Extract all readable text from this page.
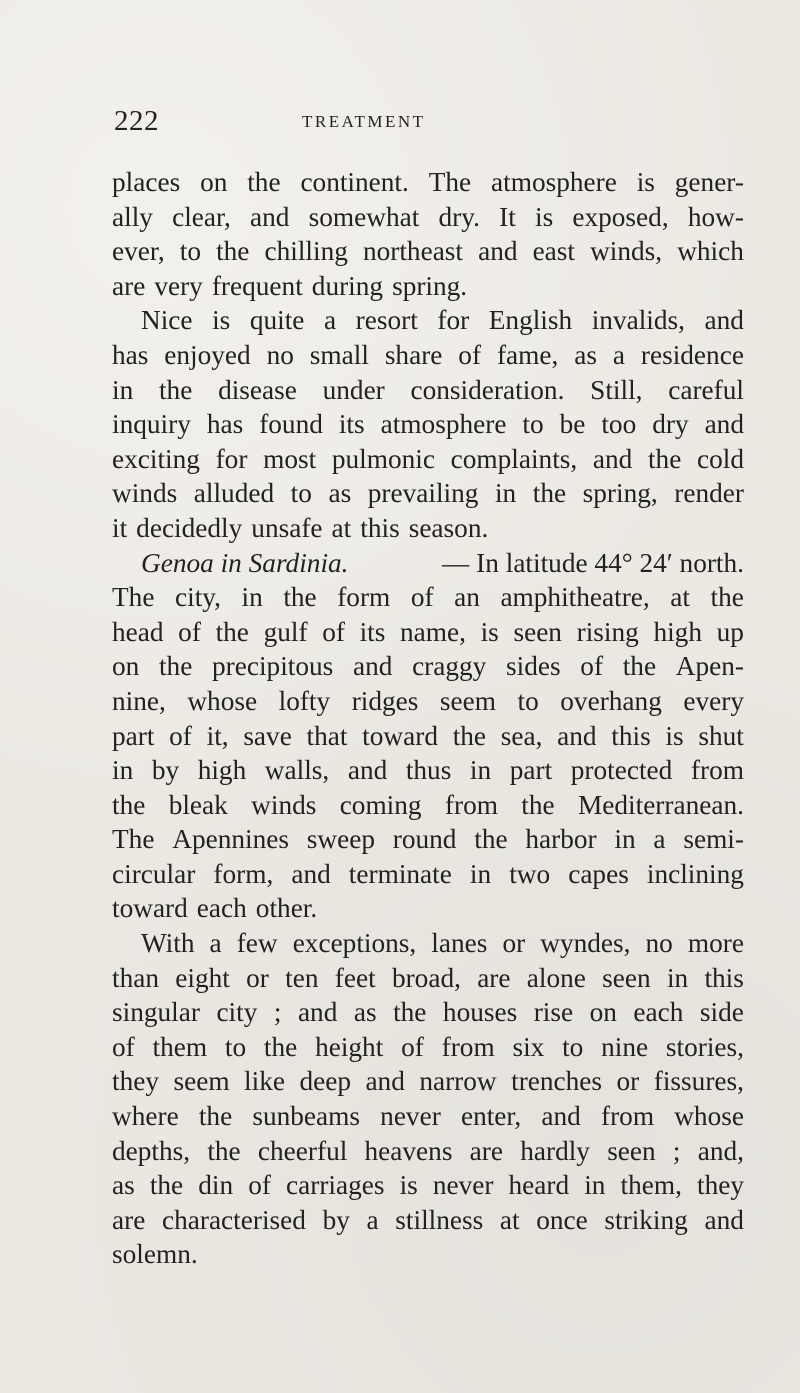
222	TREATMENT
places on the continent. The atmosphere is gener-
ally clear, and somewhat dry. It is exposed, how-
ever, to the chilling northeast and east winds, which
are very frequent during spring.
Nice is quite a resort for English invalids, and
has enjoyed no small share of fame, as a residence
in the disease under consideration. Still, careful
inquiry has found its atmosphere to be too dry and
exciting for most pulmonic complaints, and the cold
winds alluded to as prevailing in the spring, render
it decidedly unsafe at this season.
Genoa in Sardinia.	— In latitude 44° 24′ north.
The city, in the form of an amphitheatre, at the
head of the gulf of its name, is seen rising high up
on the precipitous and craggy sides of the Apen-
nine, whose lofty ridges seem to overhang every
part of it, save that toward the sea, and this is shut
in by high walls, and thus in part protected from
the bleak winds coming from the Mediterranean.
The Apennines sweep round the harbor in a semi-
circular form, and terminate in two capes inclining
toward each other.
With a few exceptions, lanes or wyndes, no more
than eight or ten feet broad, are alone seen in this
singular city ; and as the houses rise on each side
of them to the height of from six to nine stories,
they seem like deep and narrow trenches or fissures,
where the sunbeams never enter, and from whose
depths, the cheerful heavens are hardly seen ; and,
as the din of carriages is never heard in them, they
are characterised by a stillness at once striking and
solemn.
